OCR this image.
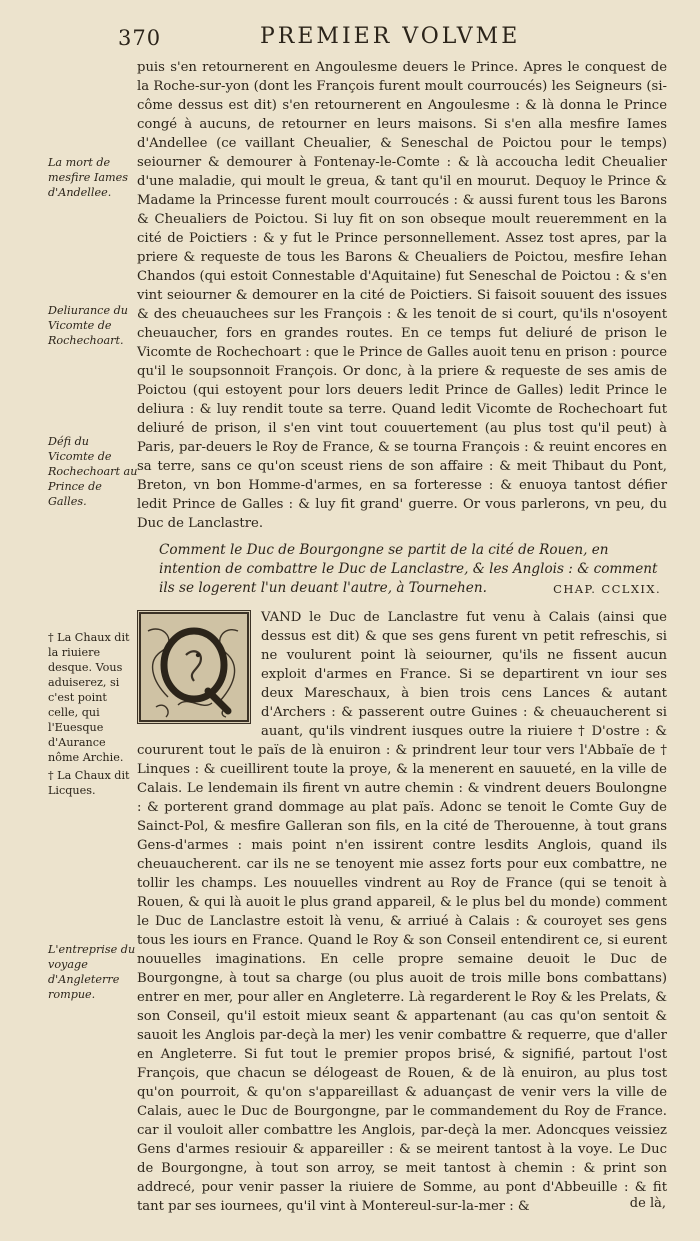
370	PREMIER VOLVME
La mort de mesfire Iames d'Andellee.
Deliurance du Vicomte de Rochechoart.
Défi du Vicomte de Rochechoart au Prince de Galles.
† La Chaux dit la riuiere desque. Vous aduiserez, si c'est point celle, qui l'Euesque d'Aurance nôme Archie.
† La Chaux dit Licques.
L'entreprise du voyage d'Angleterre rompue.

puis s'en retournerent en Angoulesme deuers le Prince. Apres le conquest de la Roche-sur-yon (dont les François furent moult courroucés) les Seigneurs (si-côme dessus est dit) s'en retournerent en Angoulesme : & là donna le Prince congé à aucuns, de retourner en leurs maisons. Si s'en alla mesfire Iames d'Andellee (ce vaillant Cheualier, & Seneschal de Poictou pour le temps) seiourner & demourer à Fontenay-le-Comte : & là accoucha ledit Cheualier d'une maladie, qui moult le greua, & tant qu'il en mourut. Dequoy le Prince & Madame la Princesse furent moult courroucés : & aussi furent tous les Barons & Cheualiers de Poictou. Si luy fit on son obseque moult reueremment en la cité de Poictiers : & y fut le Prince personnellement. Assez tost apres, par la priere & requeste de tous les Barons & Cheualiers de Poictou, mesfire Iehan Chandos (qui estoit Connestable d'Aquitaine) fut Seneschal de Poictou : & s'en vint seiourner & demourer en la cité de Poictiers. Si faisoit souuent des issues & des cheuauchees sur les François : & les tenoit de si court, qu'ils n'osoyent cheuaucher, fors en grandes routes. En ce temps fut deliuré de prison le Vicomte de Rochechoart : que le Prince de Galles auoit tenu en prison : pource qu'il le soupsonnoit François. Or donc, à la priere & requeste de ses amis de Poictou (qui estoyent pour lors deuers ledit Prince de Galles) ledit Prince le deliura : & luy rendit toute sa terre. Quand ledit Vicomte de Rochechoart fut deliuré de prison, il s'en vint tout couuertement (au plus tost qu'il peut) à Paris, par-deuers le Roy de France, & se tourna François : & reuint encores en sa terre, sans ce qu'on sceust riens de son affaire : & meit Thibaut du Pont, Breton, vn bon Homme-d'armes, en sa forteresse : & enuoya tantost défier ledit Prince de Galles : & luy fit grand' guerre. Or vous parlerons, vn peu, du Duc de Lanclastre.

Comment le Duc de Bourgongne se partit de la cité de Rouen, en intention de combattre le Duc de Lanclastre, & les Anglois : & comment ils se logerent l'un deuant l'autre, à Tournehen.	CHAP. CCLXIX.

VAND le Duc de Lanclastre fut venu à Calais (ainsi que dessus est dit) & que ses gens furent vn petit refreschis, si ne voulurent point là seiourner, qu'ils ne fissent aucun exploit d'armes en France. Si se departirent vn iour ses deux Mareschaux, à bien trois cens Lances & autant d'Archers : & passerent outre Guines : & cheuaucherent si auant, qu'ils vindrent iusques outre la riuiere † D'ostre : & coururent tout le païs de là enuiron : & prindrent leur tour vers l'Abbaïe de † Linques : & cueillirent toute la proye, & la menerent en sauueté, en la ville de Calais. Le lendemain ils firent vn autre chemin : & vindrent deuers Boulongne : & porterent grand dommage au plat païs. Adonc se tenoit le Comte Guy de Sainct-Pol, & mesfire Galleran son fils, en la cité de Therouenne, à tout grans Gens-d'armes : mais point n'en issirent contre lesdits Anglois, quand ils cheuaucherent. car ils ne se tenoyent mie assez forts pour eux combattre, ne tollir les champs. Les nouuelles vindrent au Roy de France (qui se tenoit à Rouen, & qui là auoit le plus grand appareil, & le plus bel du monde) comment le Duc de Lanclastre estoit là venu, & arriué à Calais : & couroyet ses gens tous les iours en France. Quand le Roy & son Conseil entendirent ce, si eurent nouuelles imaginations. En celle propre semaine deuoit le Duc de Bourgongne, à tout sa charge (ou plus auoit de trois mille bons combattans) entrer en mer, pour aller en Angleterre. Là regarderent le Roy & les Prelats, & son Conseil, qu'il estoit mieux seant & appartenant (au cas qu'on sentoit & sauoit les Anglois par-deçà la mer) les venir combattre & requerre, que d'aller en Angleterre. Si fut tout le premier propos brisé, & signifié, partout l'ost François, que chacun se délogeast de Rouen, & de là enuiron, au plus tost qu'on pourroit, & qu'on s'appareillast & aduançast de venir vers la ville de Calais, auec le Duc de Bourgongne, par le commandement du Roy de France. car il vouloit aller combattre les Anglois, par-deçà la mer. Adoncques veissiez Gens d'armes resiouir & appareiller : & se meirent tantost à la voye. Le Duc de Bourgongne, à tout son arroy, se meit tantost à chemin : & print son addrecé, pour venir passer la riuiere de Somme, au pont d'Abbeuille : & fit tant par ses iournees, qu'il vint à Montereul-sur-la-mer : &	de là,
